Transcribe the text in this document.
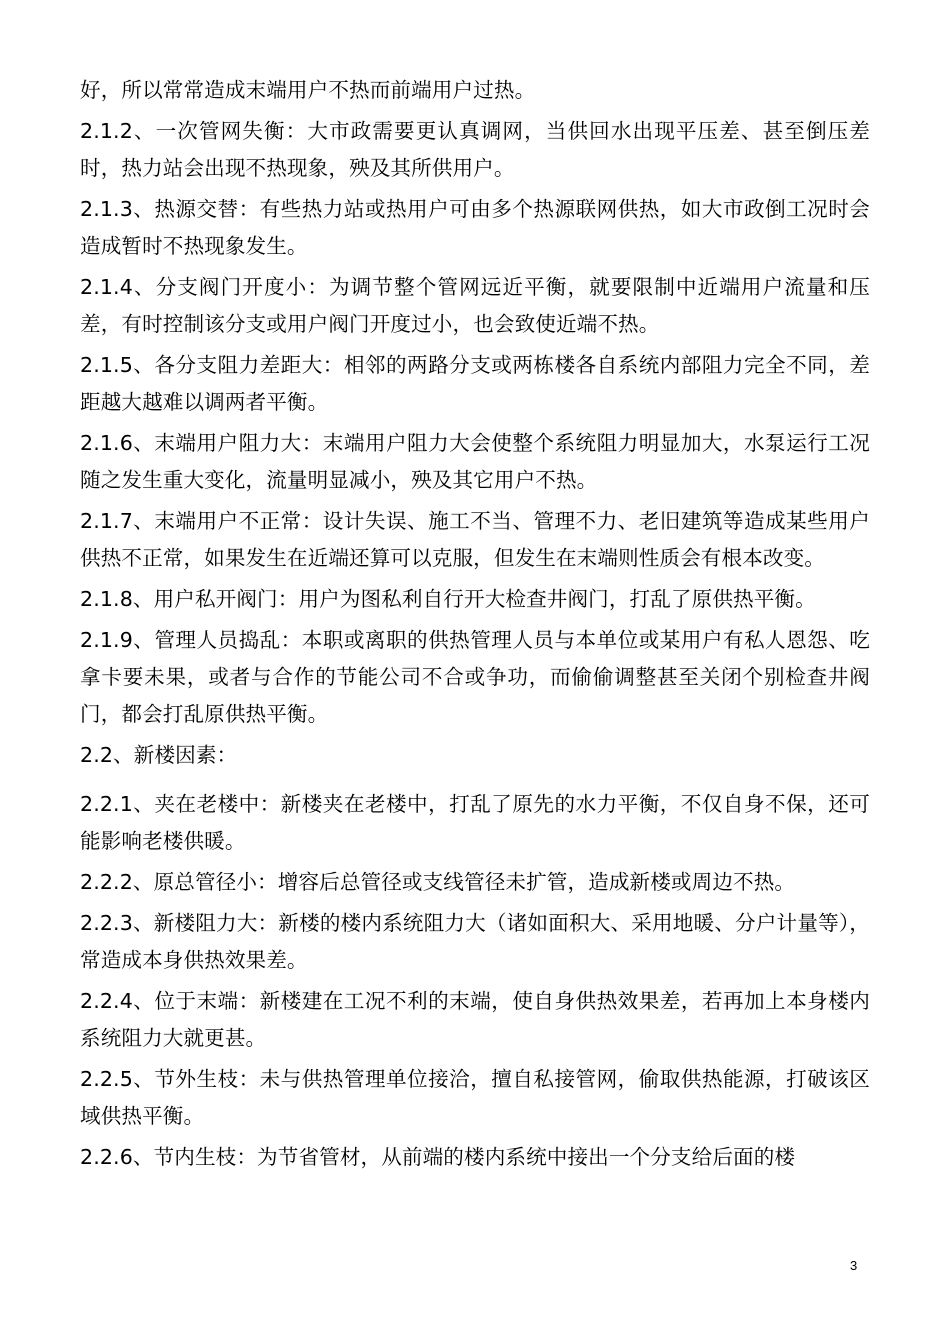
好，所以常常造成末端用户不热而前端用户过热。

2.1.2、一次管网失衡：大市政需要更认真调网，当供回水出现平压差、甚至倒压差时，热力站会出现不热现象，殃及其所供用户。

2.1.3、热源交替：有些热力站或热用户可由多个热源联网供热，如大市政倒工况时会造成暂时不热现象发生。

2.1.4、分支阀门开度小：为调节整个管网远近平衡，就要限制中近端用户流量和压差，有时控制该分支或用户阀门开度过小，也会致使近端不热。

2.1.5、各分支阻力差距大：相邻的两路分支或两栋楼各自系统内部阻力完全不同，差距越大越难以调两者平衡。

2.1.6、末端用户阻力大：末端用户阻力大会使整个系统阻力明显加大，水泵运行工况随之发生重大变化，流量明显减小，殃及其它用户不热。

2.1.7、末端用户不正常：设计失误、施工不当、管理不力、老旧建筑等造成某些用户供热不正常，如果发生在近端还算可以克服，但发生在末端则性质会有根本改变。

2.1.8、用户私开阀门：用户为图私利自行开大检查井阀门，打乱了原供热平衡。

2.1.9、管理人员捣乱：本职或离职的供热管理人员与本单位或某用户有私人恩怨、吃拿卡要未果，或者与合作的节能公司不合或争功，而偷偷调整甚至关闭个别检查井阀门，都会打乱原供热平衡。

2.2、新楼因素：

2.2.1、夹在老楼中：新楼夹在老楼中，打乱了原先的水力平衡，不仅自身不保，还可能影响老楼供暖。

2.2.2、原总管径小：增容后总管径或支线管径未扩管，造成新楼或周边不热。

2.2.3、新楼阻力大：新楼的楼内系统阻力大（诸如面积大、采用地暖、分户计量等），常造成本身供热效果差。

2.2.4、位于末端：新楼建在工况不利的末端，使自身供热效果差，若再加上本身楼内系统阻力大就更甚。

2.2.5、节外生枝：未与供热管理单位接洽，擅自私接管网，偷取供热能源，打破该区域供热平衡。

2.2.6、节内生枝：为节省管材，从前端的楼内系统中接出一个分支给后面的楼

3
